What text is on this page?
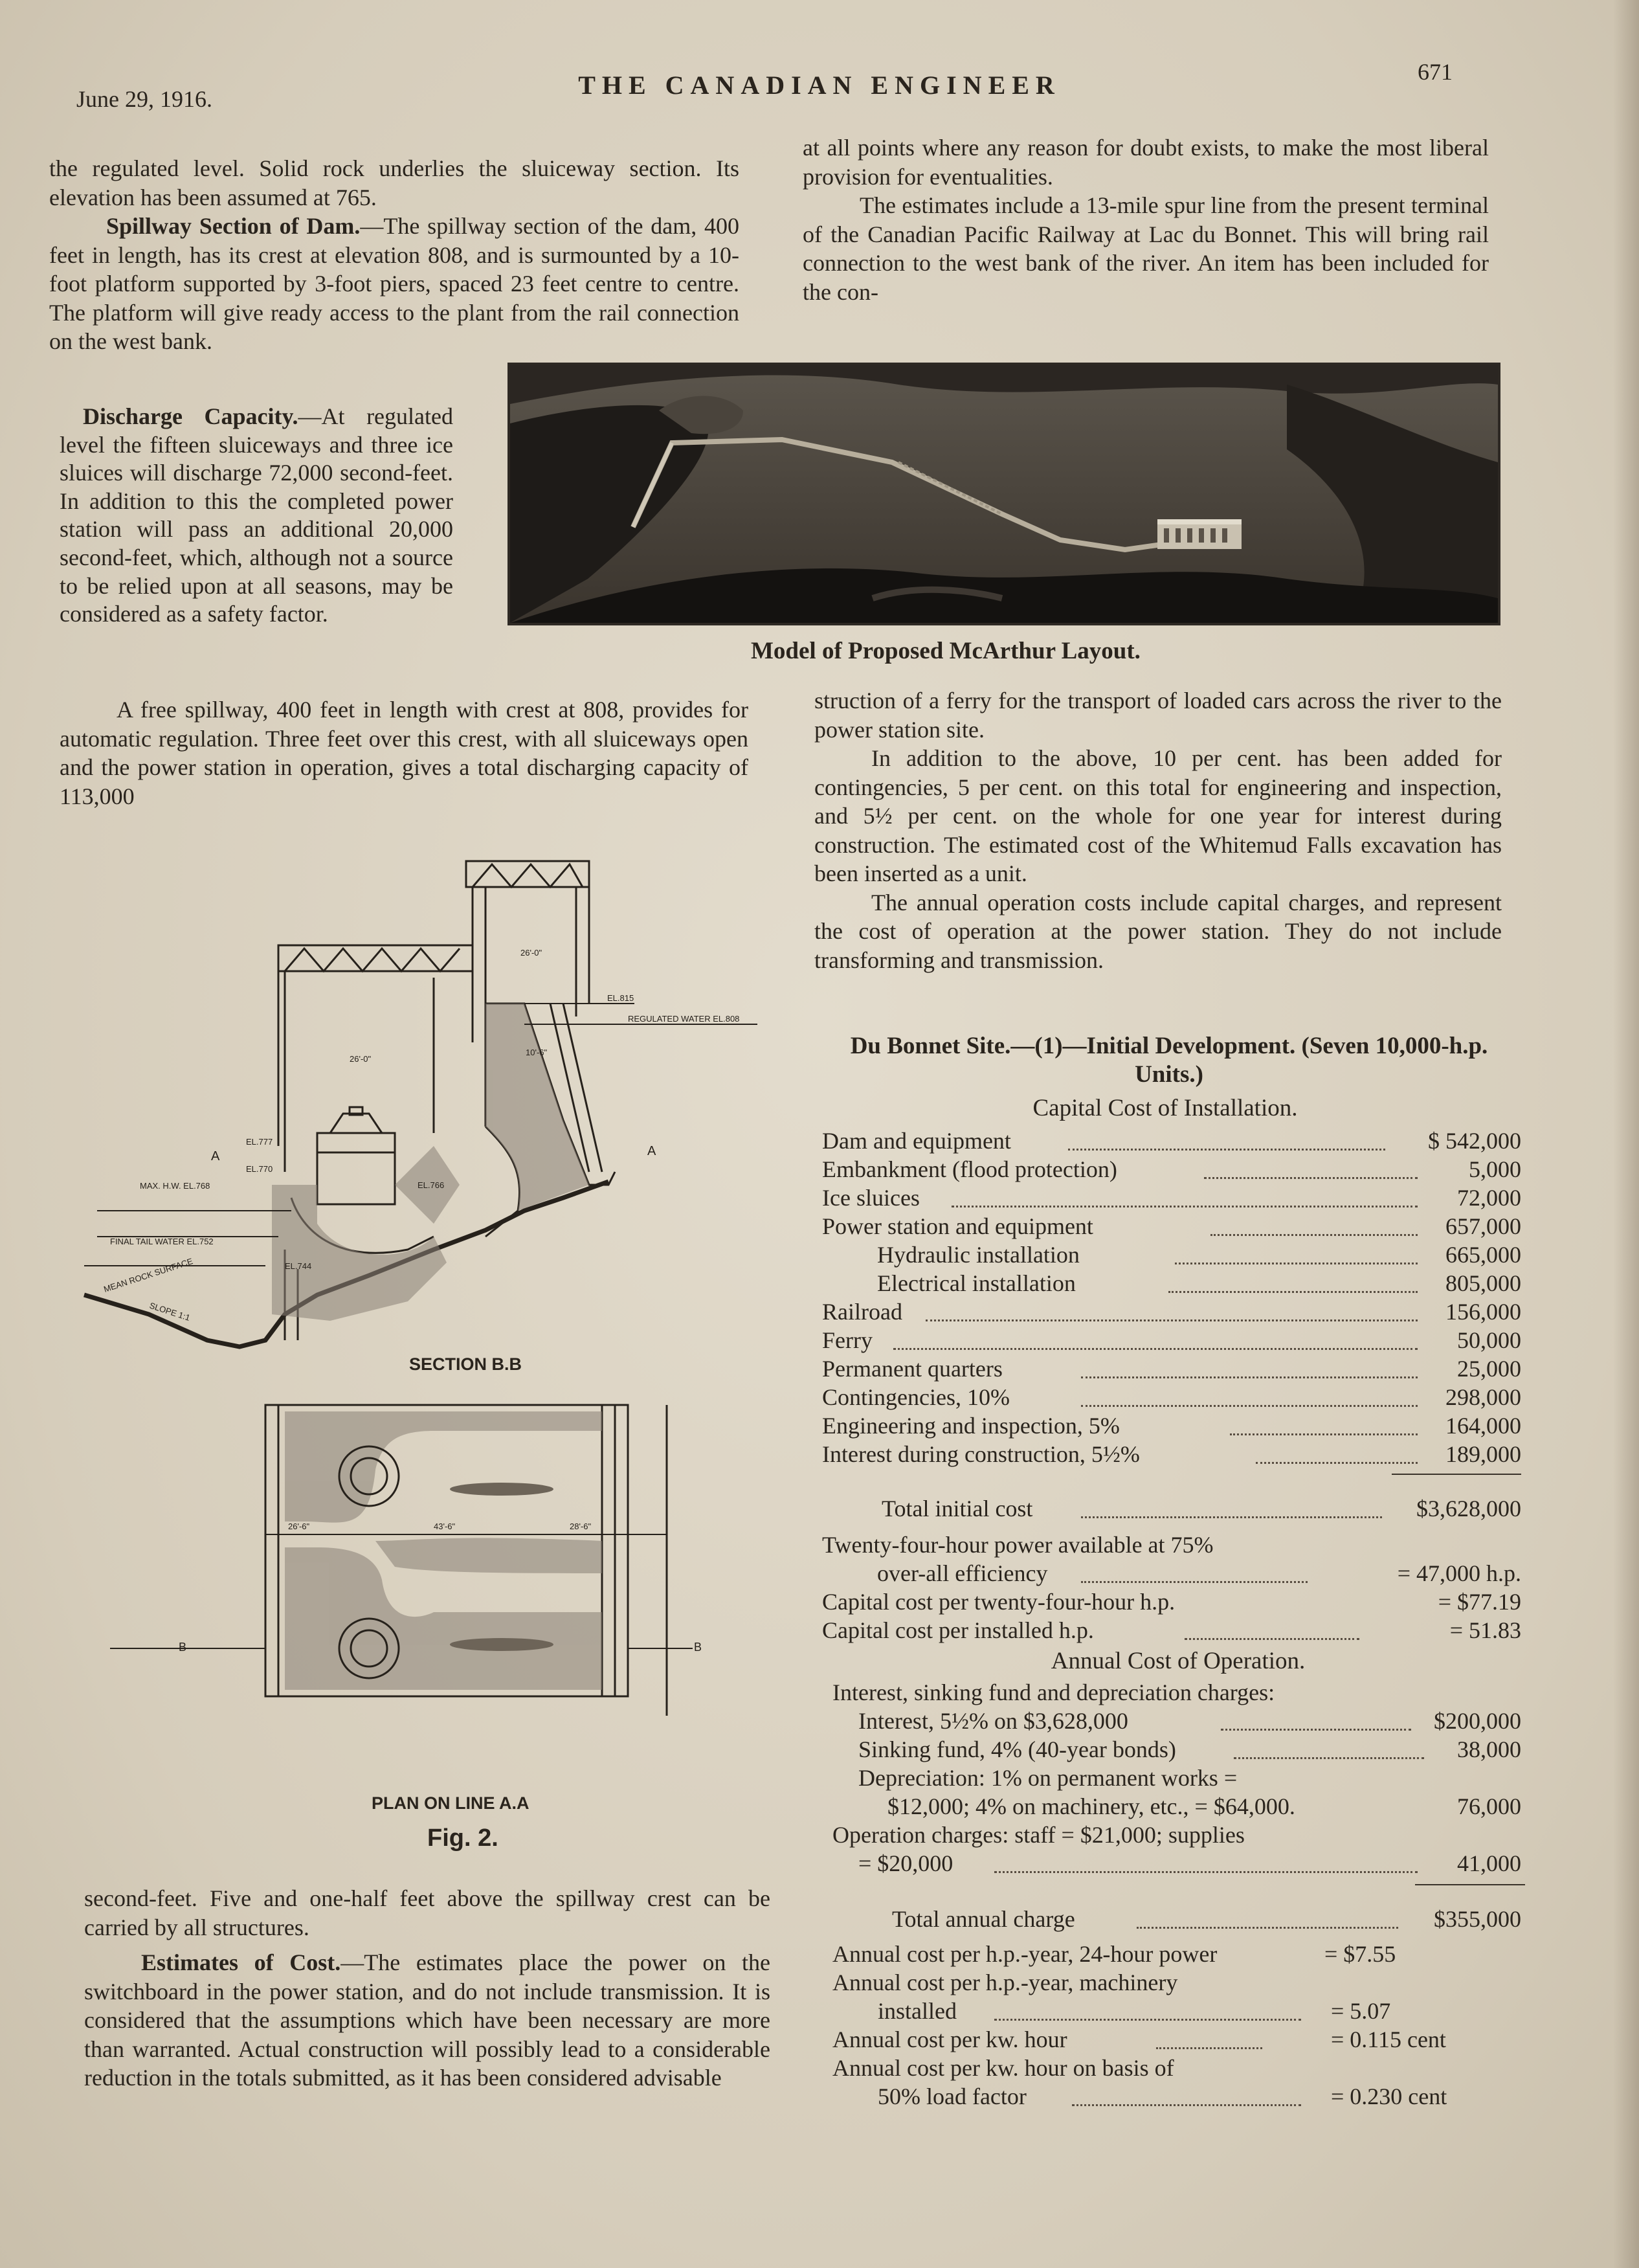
June 29, 1916.	THE CANADIAN ENGINEER	671

the regulated level. Solid rock underlies the sluiceway section. Its elevation has been assumed at 765.

Spillway Section of Dam.—The spillway section of the dam, 400 feet in length, has its crest at elevation 808, and is surmounted by a 10-foot platform supported by 3-foot piers, spaced 23 feet centre to centre. The platform will give ready access to the plant from the rail connection on the west bank.

Discharge Capacity.—At regulated level the fifteen sluiceways and three ice sluices will discharge 72,000 second-feet. In addition to this the completed power station will pass an additional 20,000 second-feet, which, although not a source to be relied upon at all seasons, may be considered as a safety factor.

A free spillway, 400 feet in length with crest at 808, provides for automatic regulation. Three feet over this crest, with all sluiceways open and the power station in operation, gives a total discharging capacity of 113,000

Model of Proposed McArthur Layout.

at all points where any reason for doubt exists, to make the most liberal provision for eventualities.

The estimates include a 13-mile spur line from the present terminal of the Canadian Pacific Railway at Lac du Bonnet. This will bring rail connection to the west bank of the river. An item has been included for the con-

struction of a ferry for the transport of loaded cars across the river to the power station site.

In addition to the above, 10 per cent. has been added for contingencies, 5 per cent. on this total for engineering and inspection, and 5½ per cent. on the whole for one year for interest during construction. The estimated cost of the Whitemud Falls excavation has been inserted as a unit.

The annual operation costs include capital charges, and represent the cost of operation at the power station. They do not include transforming and transmission.

EL.815
REGULATED WATER EL.808
EL.777
EL.770
EL.766
MAX. H.W. EL.768
FINAL TAIL WATER EL.752
EL.744
MEAN ROCK SURFACE
SLOPE 1:1
26'-0"
10'-6"
26'-0"
A	A
26'-6"	43'-6"	28'-6"
B	B
SECTION B.B
PLAN ON LINE A.A
Fig. 2.

second-feet. Five and one-half feet above the spillway crest can be carried by all structures.

Estimates of Cost.—The estimates place the power on the switchboard in the power station, and do not include transmission. It is considered that the assumptions which have been necessary are more than warranted. Actual construction will possibly lead to a considerable reduction in the totals submitted, as it has been considered advisable

Du Bonnet Site.—(1)—Initial Development. (Seven 10,000-h.p. Units.)
Capital Cost of Installation.
Dam and equipment	$ 542,000
Embankment (flood protection)	5,000
Ice sluices	72,000
Power station and equipment	657,000
Hydraulic installation	665,000
Electrical installation	805,000
Railroad	156,000
Ferry	50,000
Permanent quarters	25,000
Contingencies, 10%	298,000
Engineering and inspection, 5%	164,000
Interest during construction, 5½%	189,000
Total initial cost	$3,628,000
Twenty-four-hour power available at 75%
over-all efficiency	= 47,000 h.p.
Capital cost per twenty-four-hour h.p.	= $77.19
Capital cost per installed h.p.	= 51.83
Annual Cost of Operation.
Interest, sinking fund and depreciation charges:
Interest, 5½% on $3,628,000	$200,000
Sinking fund, 4% (40-year bonds)	38,000
Depreciation: 1% on permanent works =
$12,000; 4% on machinery, etc., = $64,000.	76,000
Operation charges: staff = $21,000; supplies
= $20,000	41,000
Total annual charge	$355,000
Annual cost per h.p.-year, 24-hour power	= $7.55
Annual cost per h.p.-year, machinery
installed	= 5.07
Annual cost per kw. hour	= 0.115 cent
Annual cost per kw. hour on basis of
50% load factor	= 0.230 cent
